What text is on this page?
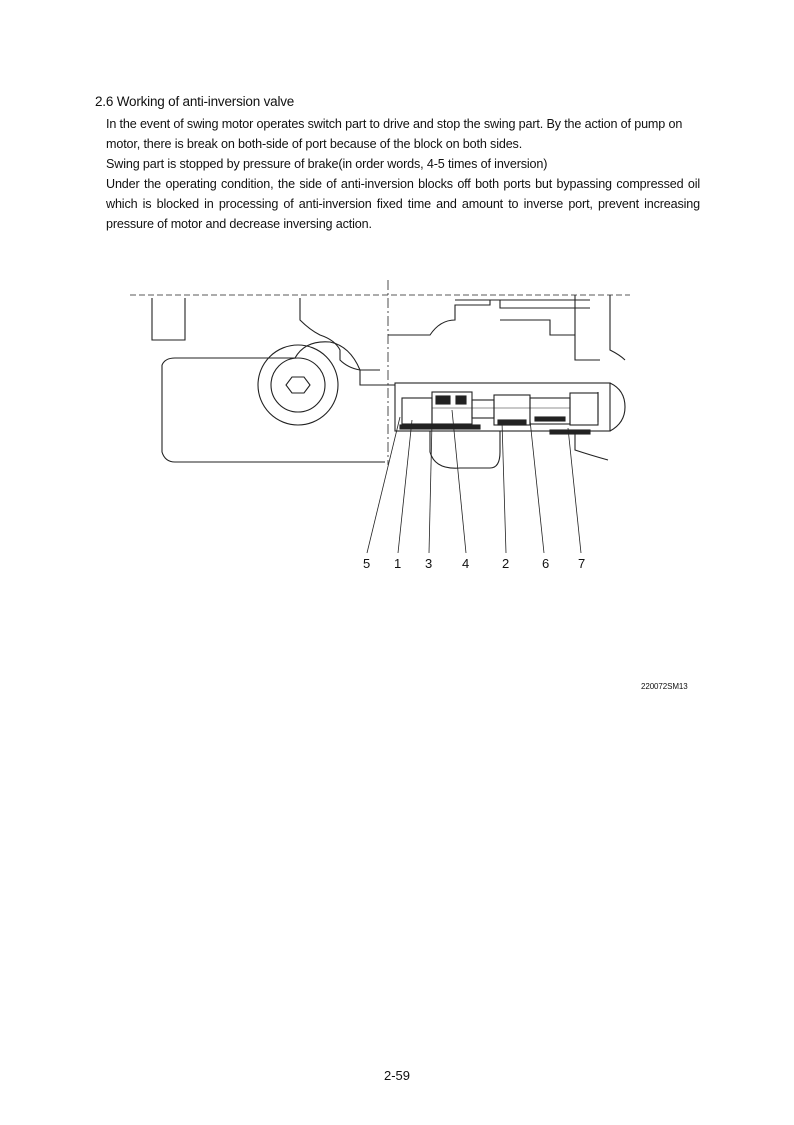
2.6 Working of anti-inversion valve
In the event of swing motor operates switch part to drive and stop the swing part. By the action of pump on motor, there is break on both-side of port because of the block on both sides.
Swing part is stopped by pressure of brake(in order words, 4-5 times of inversion)
Under the operating condition, the side of anti-inversion blocks off both ports but bypassing compressed oil which is blocked in processing of anti-inversion fixed time and amount to inverse port, prevent increasing pressure of motor and decrease inversing action.
5 1 3 4	2	6 7
220072SM13
2-59
